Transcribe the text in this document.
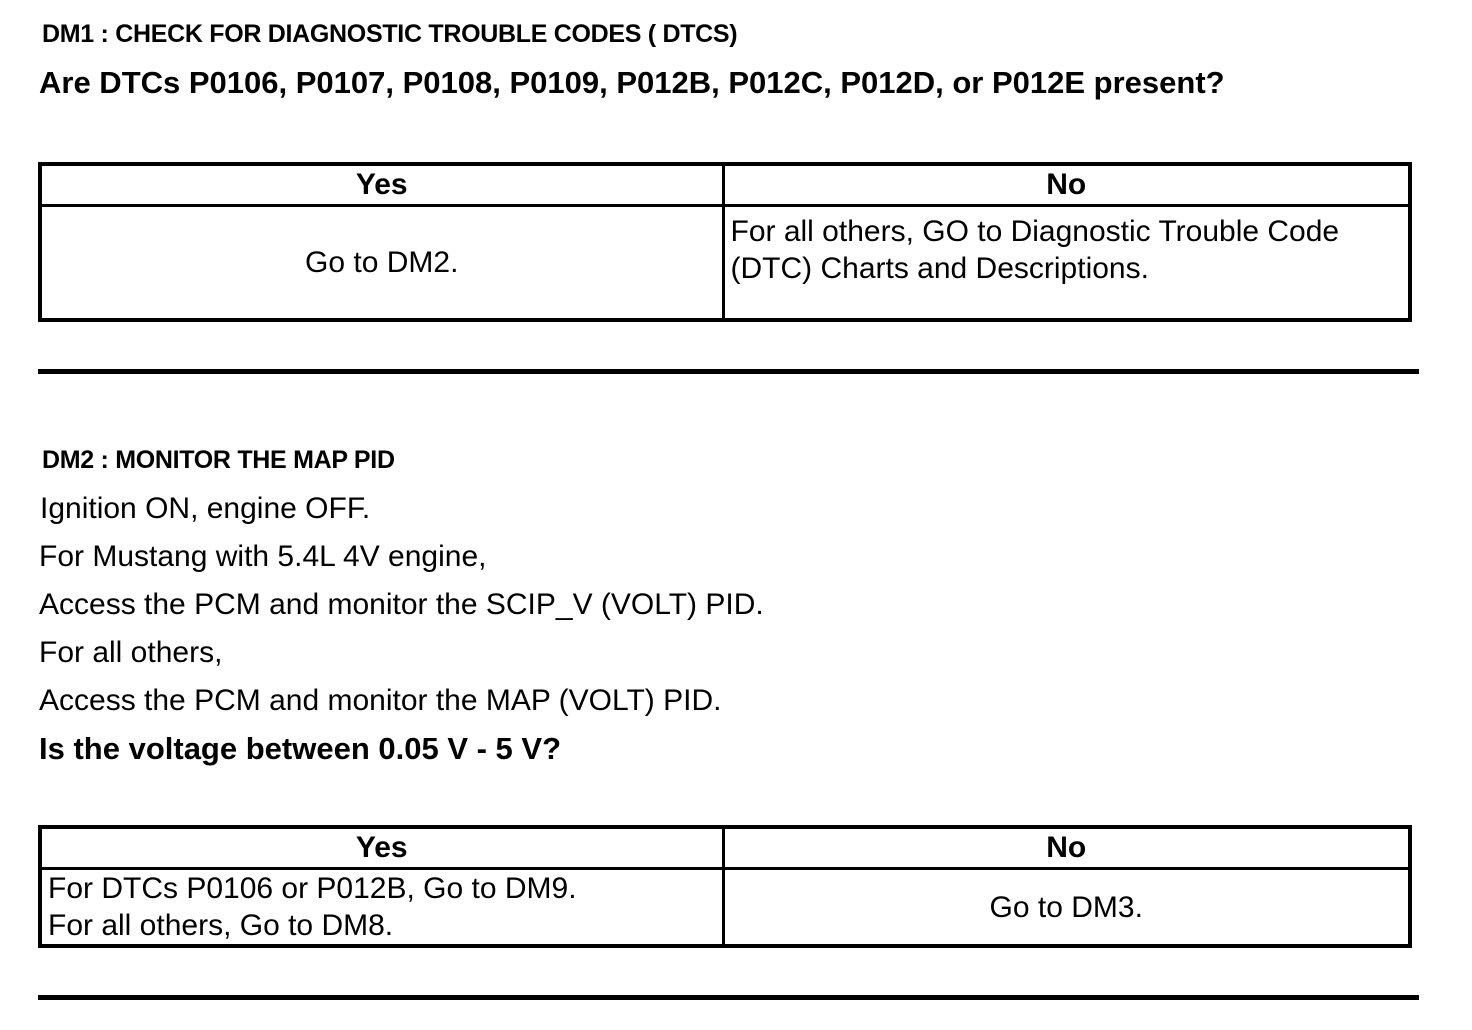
DM1 : CHECK FOR DIAGNOSTIC TROUBLE CODES ( DTCS)
Are DTCs P0106, P0107, P0108, P0109, P012B, P012C, P012D, or P012E present?
Yes	No
Go to DM2.	For all others, GO to Diagnostic Trouble Code
(DTC) Charts and Descriptions.
DM2 : MONITOR THE MAP PID
Ignition ON, engine OFF.
For Mustang with 5.4L 4V engine,
Access the PCM and monitor the SCIP_V (VOLT) PID.
For all others,
Access the PCM and monitor the MAP (VOLT) PID.
Is the voltage between 0.05 V - 5 V?
Yes	No

For DTCs P0106 or P012B, Go to DM9.
For all others, Go to DM8.	Go to DM3.
